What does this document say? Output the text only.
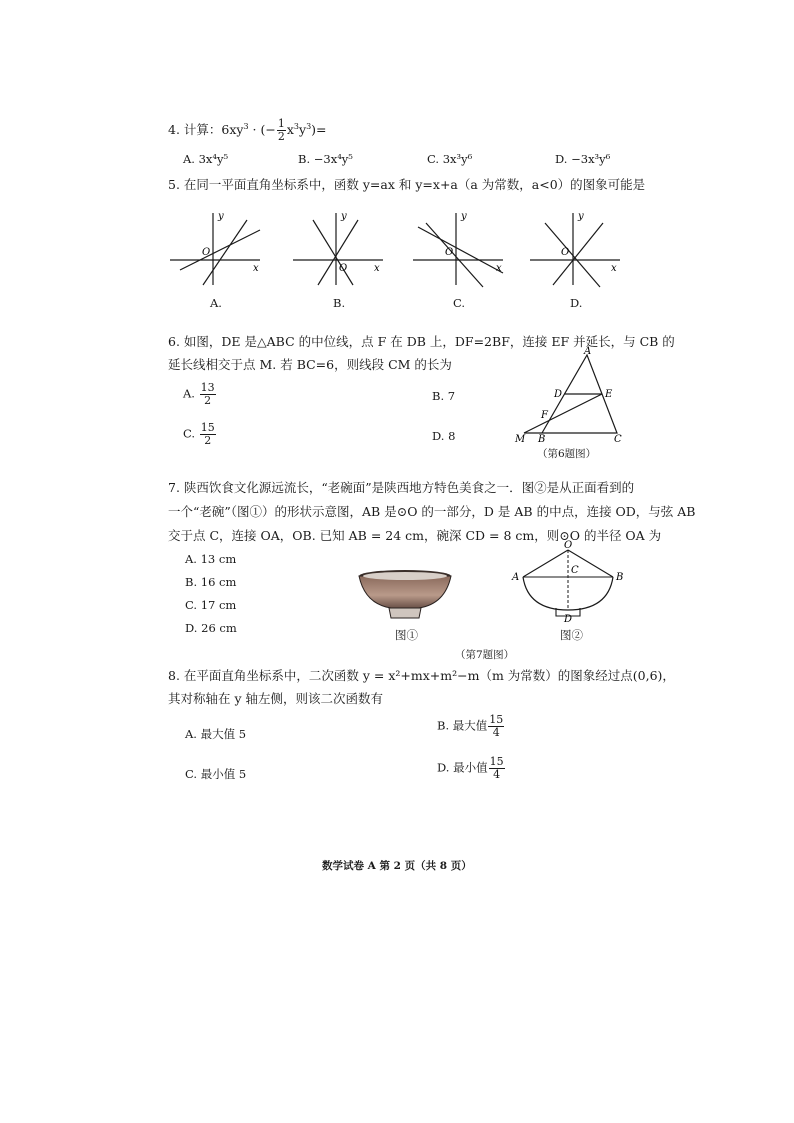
4. 计算：$6xy^3$ · (− $\frac{1}{2} x^3y^3)=$
A. 3x⁴y⁵	B. −3x⁴y⁵	C. 3x³y⁶	D. −3x³y⁶
5. 在同一平面直角坐标系中，函数 y=ax 和 y=x+a（a 为常数，a<0）的图象可能是
y
x
O
A.
y
x
O
B.
y
x
O
C.
y
x
O
D.
6. 如图，DE 是△ABC 的中位线，点 F 在 DB 上，DF=2BF，连接 EF 并延长，与 CB 的
延长线相交于点 M. 若 BC=6，则线段 CM 的长为
A. $\frac{13}{2}$	B. 7
C. $\frac{15}{2}$	D. 8
A
D	E
F
M B	C
（第6题图）
7. 陕西饮食文化源远流长，“老碗面”是陕西地方特色美食之一．图②是从正面看到的
一个“老碗”（图①）的形状示意图，AB 是⊙O 的一部分，D 是 AB 的中点，连接 OD，与弦 AB
交于点 C，连接 OA，OB. 已知 AB = 24 cm，碗深 CD = 8 cm，则⊙O 的半径 OA 为
A. 13 cm
B. 16 cm
C. 17 cm
D. 26 cm	图①
O
C
A	B
D
图②
（第7题图）
8. 在平面直角坐标系中，二次函数 y = x²+mx+m²−m（m 为常数）的图象经过点(0,6)，
其对称轴在 y 轴左侧，则该二次函数有
A. 最大值 5
B. 最大值 $\frac{15}{4}$
C. 最小值 5	D. 最小值 $\frac{15}{4}$
数学试卷 A 第 2 页（共 8 页）
